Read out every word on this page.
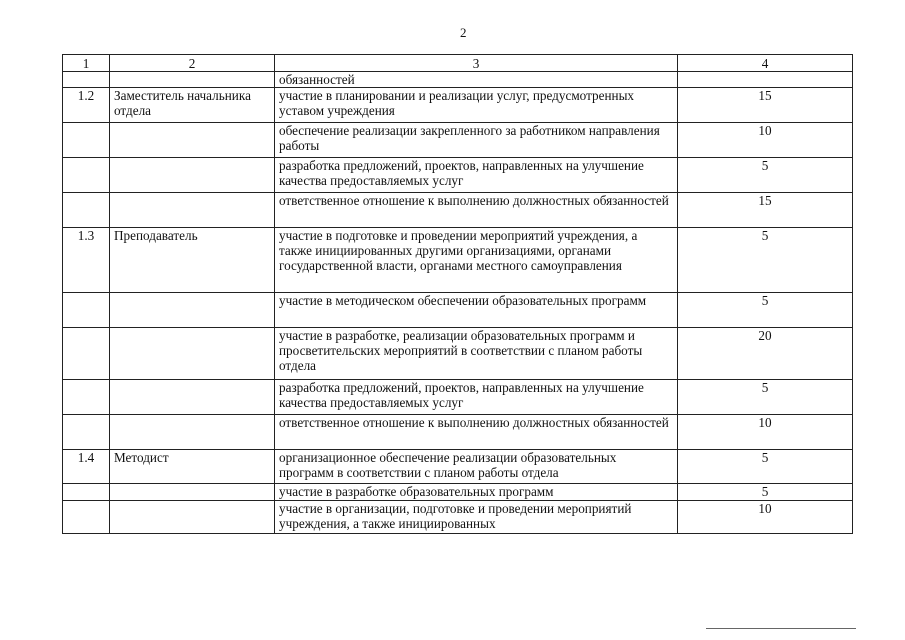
2
1	2	3	4
		обязанностей	
1.2	Заместитель начальника отдела	участие в планировании и реализации услуг, предусмотренных уставом учреждения	15
		обеспечение реализации закрепленного за работником направления работы	10
		разработка предложений, проектов, направленных на улучшение качества предоставляемых услуг	5
		ответственное отношение к выполнению должностных обязанностей	15
1.3	Преподаватель	участие в подготовке и проведении мероприятий учреждения, а также инициированных другими организациями, органами государственной власти, органами местного самоуправления	5
		участие в методическом обеспечении образовательных программ	5
		участие в разработке, реализации образовательных программ и просветительских мероприятий в соответствии с планом работы отдела	20
		разработка предложений, проектов, направленных на улучшение качества предоставляемых услуг	5
		ответственное отношение к выполнению должностных обязанностей	10
1.4	Методист	организационное обеспечение реализации образовательных программ в соответствии с планом работы отдела	5
		участие в разработке образовательных программ	5
		участие в организации, подготовке и проведении мероприятий учреждения, а также инициированных	10
